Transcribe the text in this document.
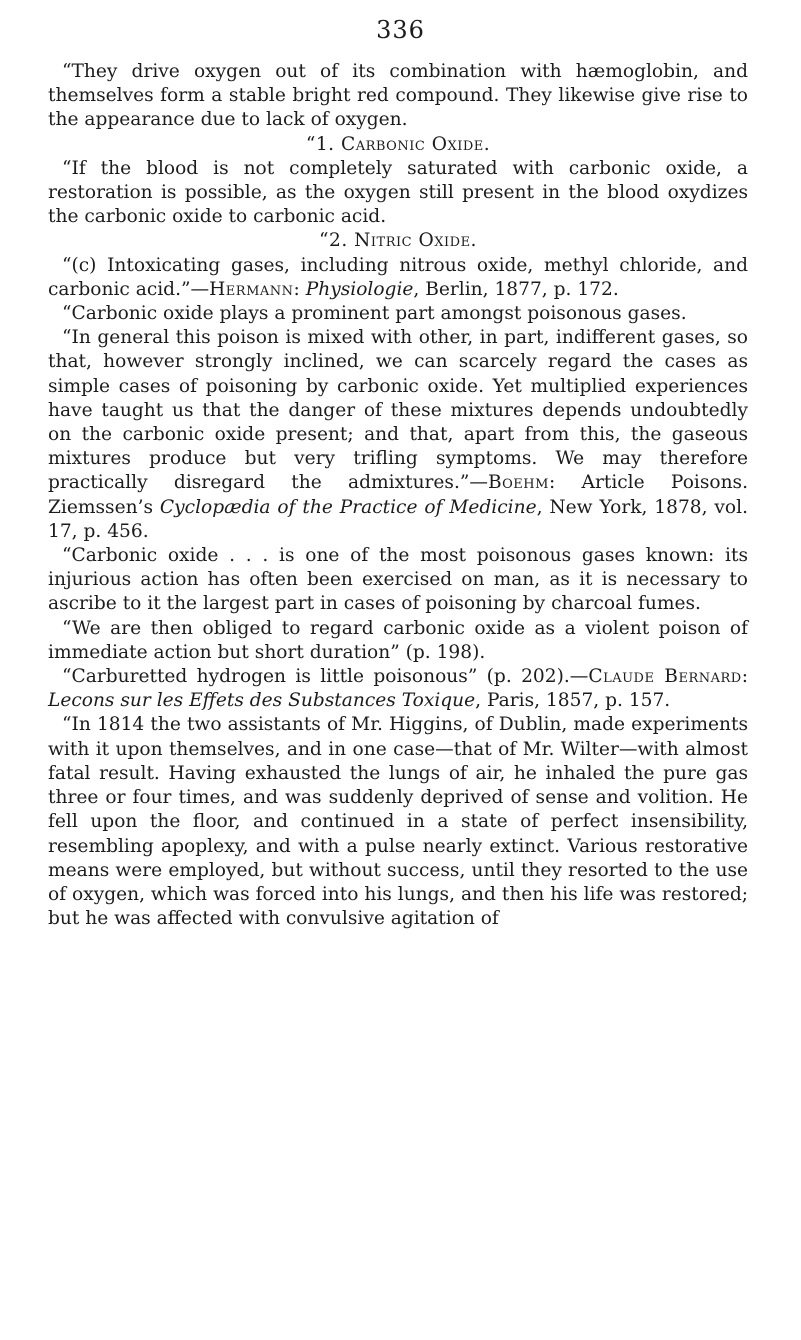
336

“They drive oxygen out of its combination with hæmoglobin, and themselves form a stable bright red compound. They likewise give rise to the appearance due to lack of oxygen.

“1. Carbonic Oxide.

“If the blood is not completely saturated with carbonic oxide, a restoration is possible, as the oxygen still present in the blood oxydizes the carbonic oxide to carbonic acid.

“2. Nitric Oxide.

“(c) Intoxicating gases, including nitrous oxide, methyl chloride, and carbonic acid.”—Hermann: Physiologie, Berlin, 1877, p. 172.

“Carbonic oxide plays a prominent part amongst poisonous gases.

“In general this poison is mixed with other, in part, indifferent gases, so that, however strongly inclined, we can scarcely regard the cases as simple cases of poisoning by carbonic oxide. Yet multiplied experiences have taught us that the danger of these mixtures depends undoubtedly on the carbonic oxide present; and that, apart from this, the gaseous mixtures produce but very trifling symptoms. We may therefore practically disregard the admixtures.”—Boehm: Article Poisons. Ziemssen’s Cyclopædia of the Practice of Medicine, New York, 1878, vol. 17, p. 456.

“Carbonic oxide . . . is one of the most poisonous gases known: its injurious action has often been exercised on man, as it is necessary to ascribe to it the largest part in cases of poisoning by charcoal fumes.

“We are then obliged to regard carbonic oxide as a violent poison of immediate action but short duration” (p. 198).

“Carburetted hydrogen is little poisonous” (p. 202).—Claude Bernard: Lecons sur les Effets des Substances Toxique, Paris, 1857, p. 157.

“In 1814 the two assistants of Mr. Higgins, of Dublin, made experiments with it upon themselves, and in one case—that of Mr. Wilter—with almost fatal result. Having exhausted the lungs of air, he inhaled the pure gas three or four times, and was suddenly deprived of sense and volition. He fell upon the floor, and continued in a state of perfect insensibility, resembling apoplexy, and with a pulse nearly extinct. Various restorative means were employed, but without success, until they resorted to the use of oxygen, which was forced into his lungs, and then his life was restored; but he was affected with convulsive agitation of
